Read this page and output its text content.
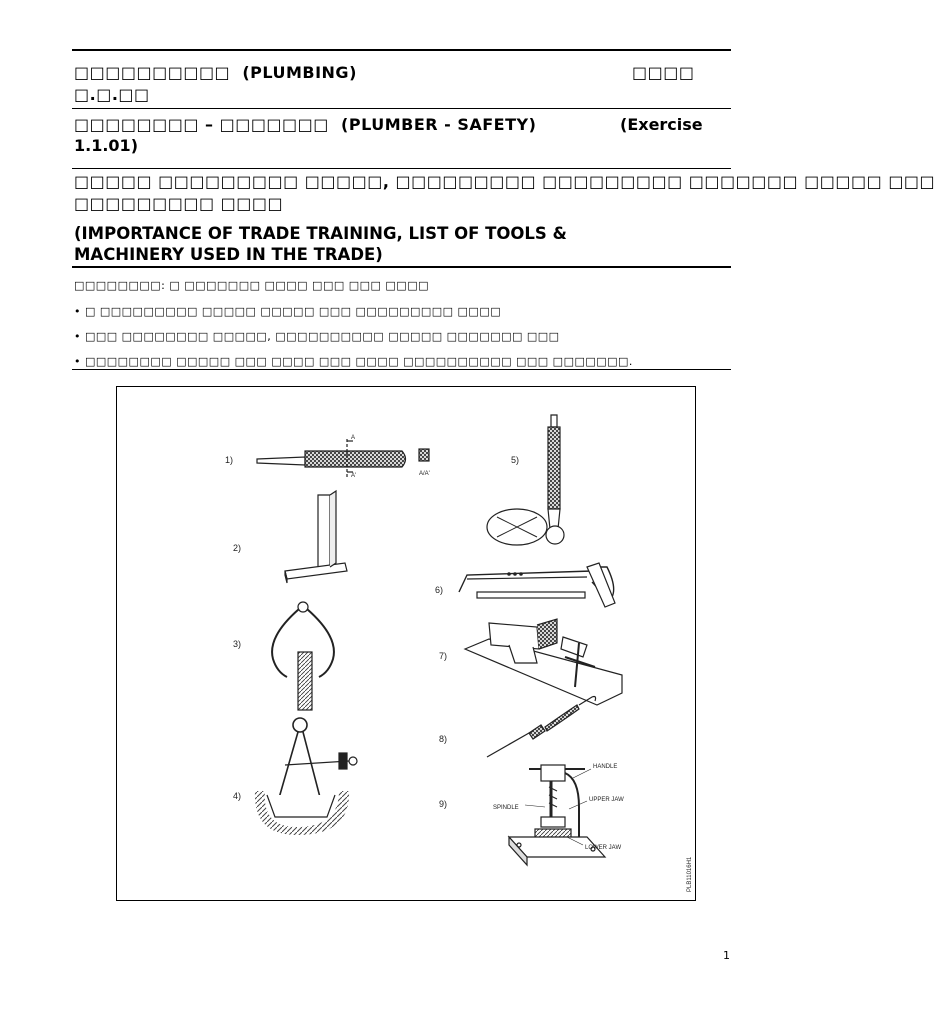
□□□□□□□□□□  (PLUMBING)	□□□□
□.□.□□
□□□□□□□□ – □□□□□□□  (PLUMBER - SAFETY)	(Exercise
1.1.01)
□□□□□ □□□□□□□□□ □□□□□, □□□□□□□□□ □□□□□□□□□ □□□□□□□ □□□□□ □□□
□□□□□□□□□ □□□□
(IMPORTANCE OF TRADE TRAINING, LIST OF TOOLS &
MACHINERY USED IN THE TRADE)
□□□□□□□□: □ □□□□□□□ □□□□ □□□ □□□ □□□□
• □ □□□□□□□□□ □□□□□ □□□□□ □□□ □□□□□□□□□ □□□□
• □□□ □□□□□□□□ □□□□□, □□□□□□□□□□ □□□□□ □□□□□□□ □□□
• □□□□□□□□ □□□□□ □□□ □□□□ □□□ □□□□ □□□□□□□□□□ □□□ □□□□□□□.
1)
2)
3)
4)
5)
6)
7)
8)
9)
A
A'	A/A'
HANDLE
SPINDLE
UPPER JAW
LOWER JAW
PLB11016H1
1
